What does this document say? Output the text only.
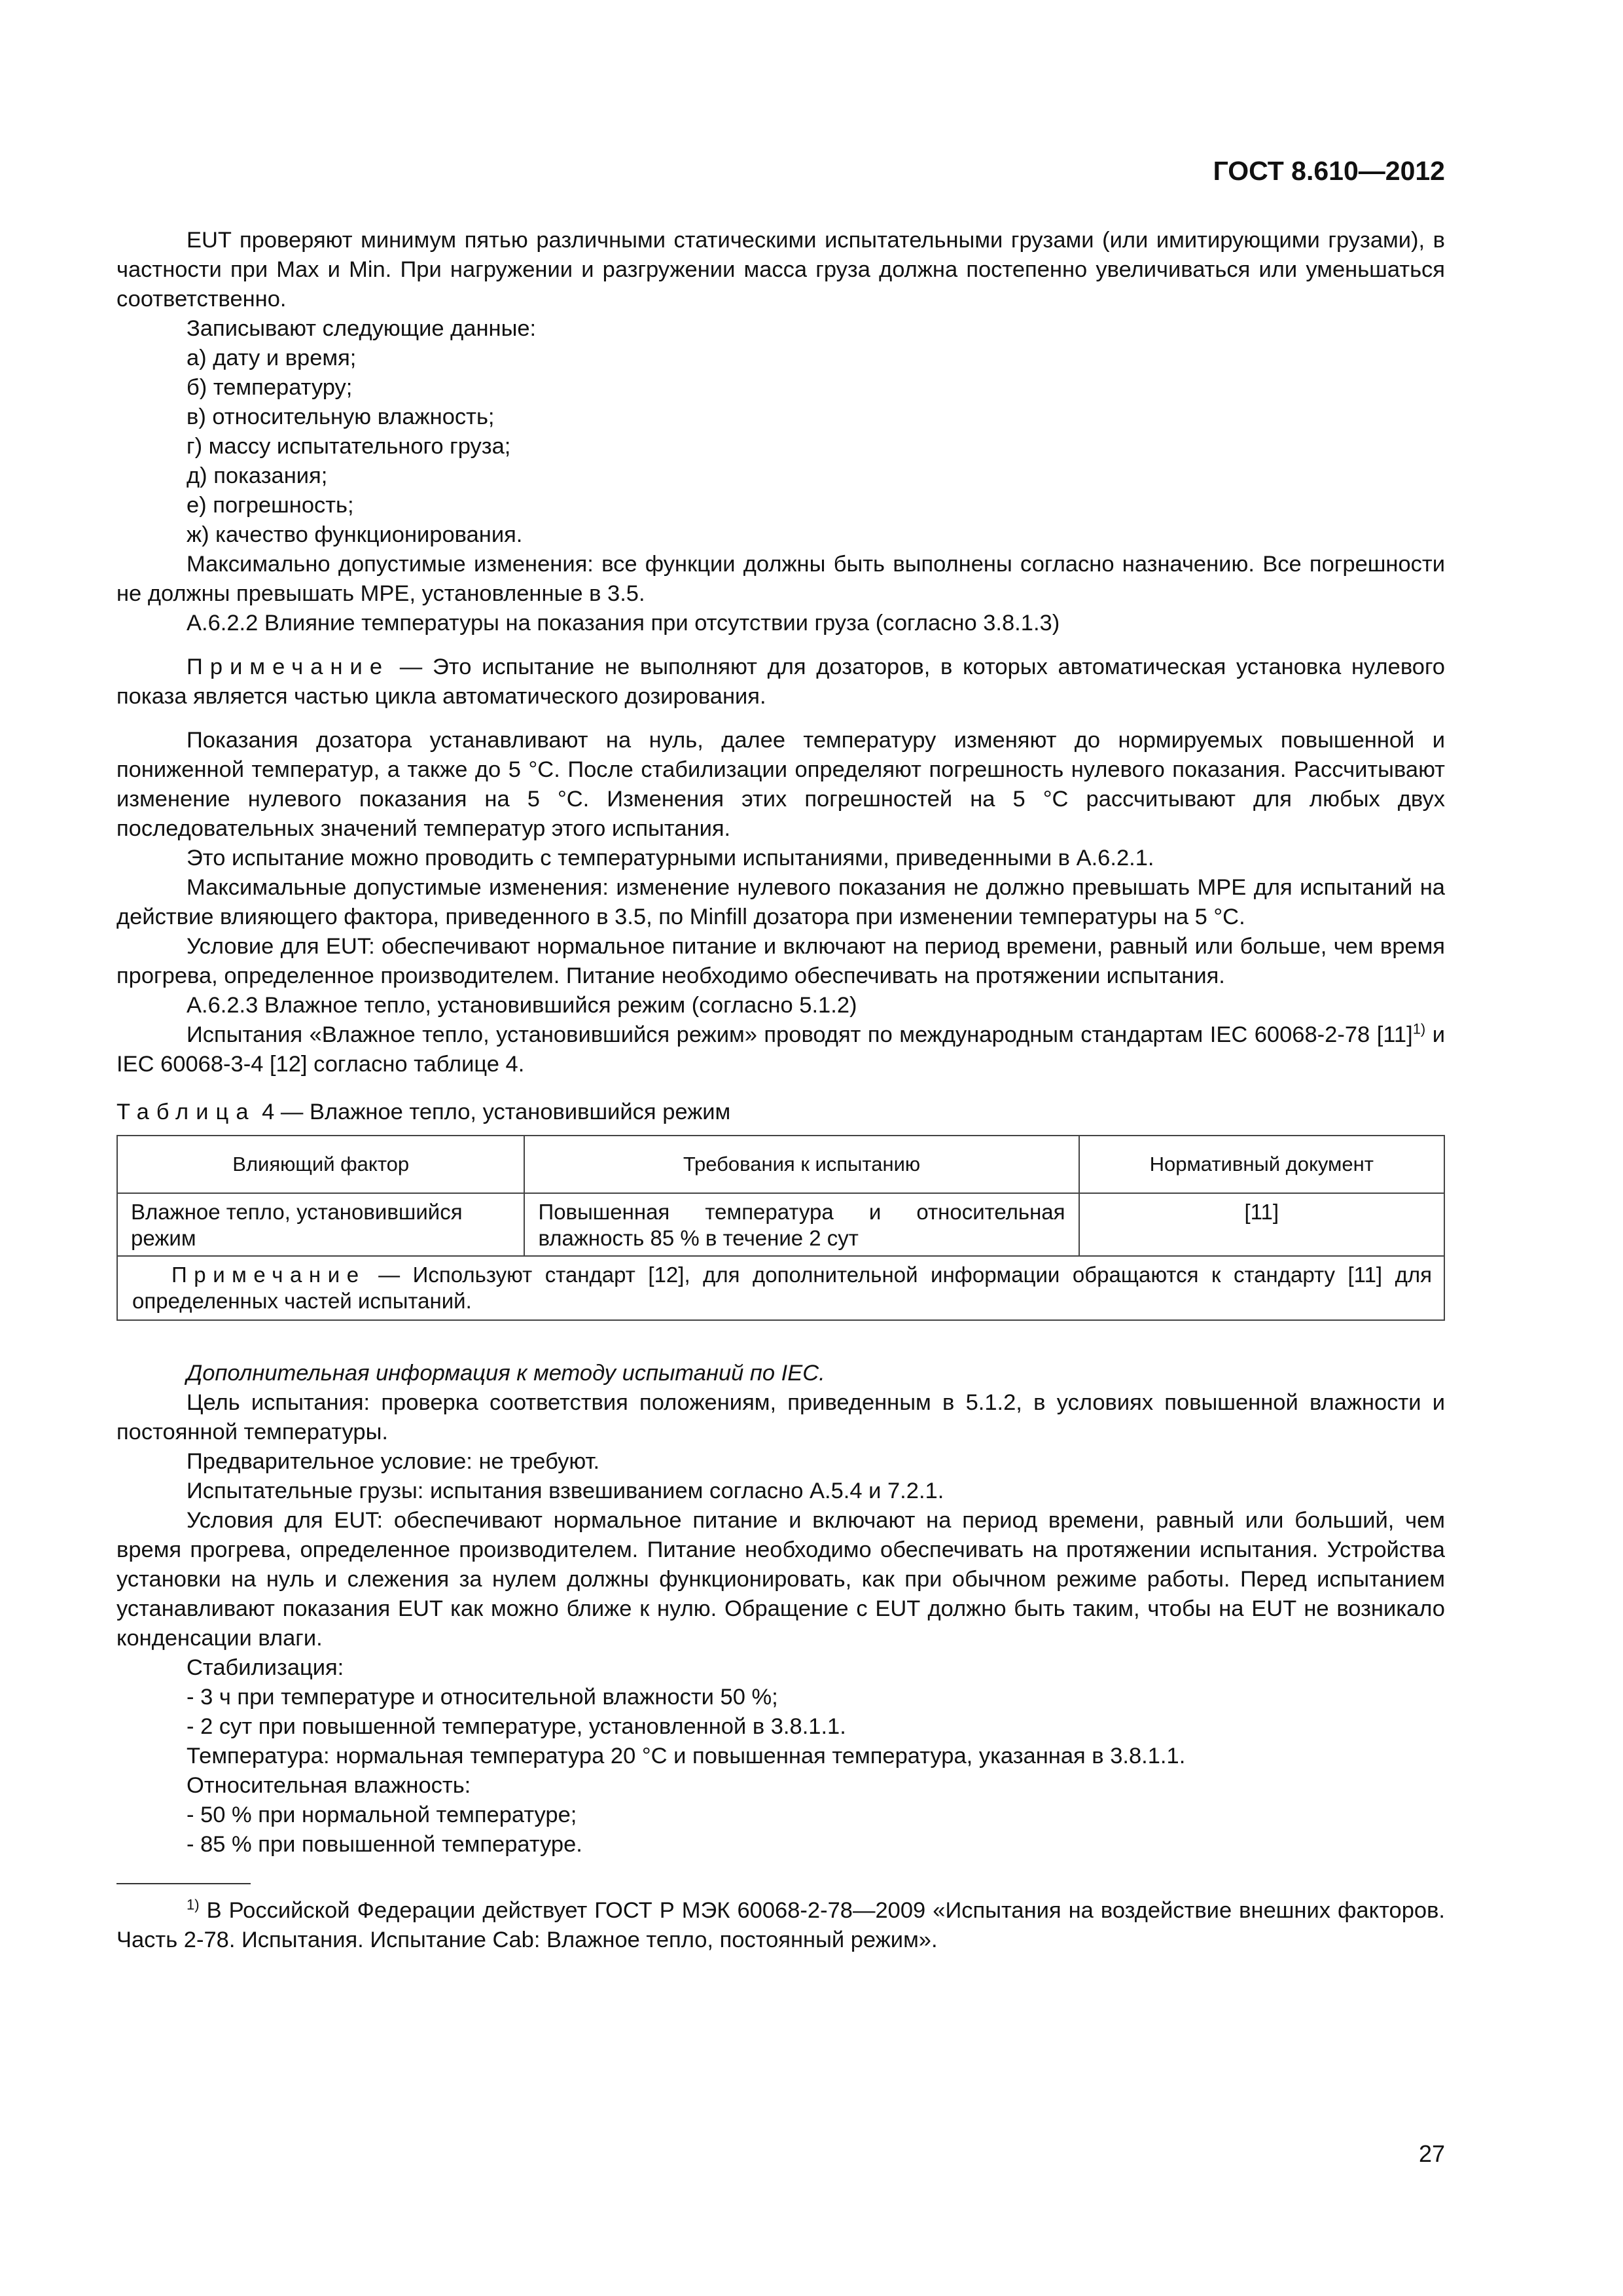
ГОСТ 8.610—2012

EUT проверяют минимум пятью различными статическими испытательными грузами (или имитирующими грузами), в частности при Max и Min. При нагружении и разгружении масса груза должна постепенно увеличиваться или уменьшаться соответственно.

Записывают следующие данные:

а) дату и время;

б) температуру;

в) относительную влажность;

г) массу испытательного груза;

д) показания;

е) погрешность;

ж) качество функционирования.

Максимально допустимые изменения: все функции должны быть выполнены согласно назначению. Все погрешности не должны превышать МРЕ, установленные в 3.5.

А.6.2.2 Влияние температуры на показания при отсутствии груза (согласно 3.8.1.3)

Примечание — Это испытание не выполняют для дозаторов, в которых автоматическая установка нулевого показа является частью цикла автоматического дозирования.

Показания дозатора устанавливают на нуль, далее температуру изменяют до нормируемых повышенной и пониженной температур, а также до 5 °С. После стабилизации определяют погрешность нулевого показания. Рассчитывают изменение нулевого показания на 5 °С. Изменения этих погрешностей на 5 °С рассчитывают для любых двух последовательных значений температур этого испытания.

Это испытание можно проводить с температурными испытаниями, приведенными в А.6.2.1.

Максимальные допустимые изменения: изменение нулевого показания не должно превышать МРЕ для испытаний на действие влияющего фактора, приведенного в 3.5, по Minfill дозатора при изменении температуры на 5 °С.

Условие для EUT: обеспечивают нормальное питание и включают на период времени, равный или больше, чем время прогрева, определенное производителем. Питание необходимо обеспечивать на протяжении испытания.

А.6.2.3 Влажное тепло, установившийся режим (согласно 5.1.2)

Испытания «Влажное тепло, установившийся режим» проводят по международным стандартам IEC 60068-2-78 $[11]^{1)}$ и IEC 60068-3-4 [12] согласно таблице 4.

Таблица 4 — Влажное тепло, установившийся режим

Влияющий фактор	Требования к испытанию	Нормативный документ
Влажное тепло, установившийся режим	Повышенная температура и относительная влажность 85 % в течение 2 сут	[11]
Примечание — Используют стандарт [12], для дополнительной информации обращаются к стандарту [11] для определенных частей испытаний.		

Дополнительная информация к методу испытаний по IEC.

Цель испытания: проверка соответствия положениям, приведенным в 5.1.2, в условиях повышенной влажности и постоянной температуры.

Предварительное условие: не требуют.

Испытательные грузы: испытания взвешиванием согласно А.5.4 и 7.2.1.

Условия для EUT: обеспечивают нормальное питание и включают на период времени, равный или больший, чем время прогрева, определенное производителем. Питание необходимо обеспечивать на протяжении испытания. Устройства установки на нуль и слежения за нулем должны функционировать, как при обычном режиме работы. Перед испытанием устанавливают показания EUT как можно ближе к нулю. Обращение с EUT должно быть таким, чтобы на EUT не возникало конденсации влаги.

Стабилизация:

- 3 ч при температуре и относительной влажности 50 %;

- 2 сут при повышенной температуре, установленной в 3.8.1.1.

Температура: нормальная температура 20 °С и повышенная температура, указанная в 3.8.1.1.

Относительная влажность:

- 50 % при нормальной температуре;

- 85 % при повышенной температуре.

$^{1)}$ В Российской Федерации действует ГОСТ Р МЭК 60068-2-78—2009 «Испытания на воздействие внешних факторов. Часть 2-78. Испытания. Испытание Cab: Влажное тепло, постоянный режим».

27
